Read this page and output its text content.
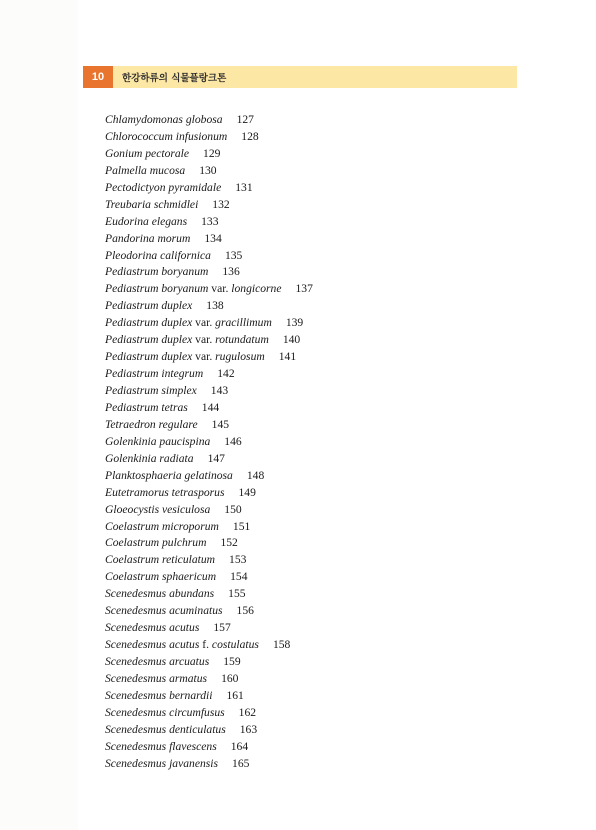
10	한강하류의 식물플랑크톤
Chlamydomonas globosa 127
Chlorococcum infusionum 128
Gonium pectorale 129
Palmella mucosa 130
Pectodictyon pyramidale 131
Treubaria schmidlei 132
Eudorina elegans 133
Pandorina morum 134
Pleodorina californica 135
Pediastrum boryanum 136
Pediastrum boryanum var. longicorne 137
Pediastrum duplex 138
Pediastrum duplex var. gracillimum 139
Pediastrum duplex var. rotundatum 140
Pediastrum duplex var. rugulosum 141
Pediastrum integrum 142
Pediastrum simplex 143
Pediastrum tetras 144
Tetraedron regulare 145
Golenkinia paucispina 146
Golenkinia radiata 147
Planktosphaeria gelatinosa 148
Eutetramorus tetrasporus 149
Gloeocystis vesiculosa 150
Coelastrum microporum 151
Coelastrum pulchrum 152
Coelastrum reticulatum 153
Coelastrum sphaericum 154
Scenedesmus abundans 155
Scenedesmus acuminatus 156
Scenedesmus acutus 157
Scenedesmus acutus f. costulatus 158
Scenedesmus arcuatus 159
Scenedesmus armatus 160
Scenedesmus bernardii 161
Scenedesmus circumfusus 162
Scenedesmus denticulatus 163
Scenedesmus flavescens 164
Scenedesmus javanensis 165
